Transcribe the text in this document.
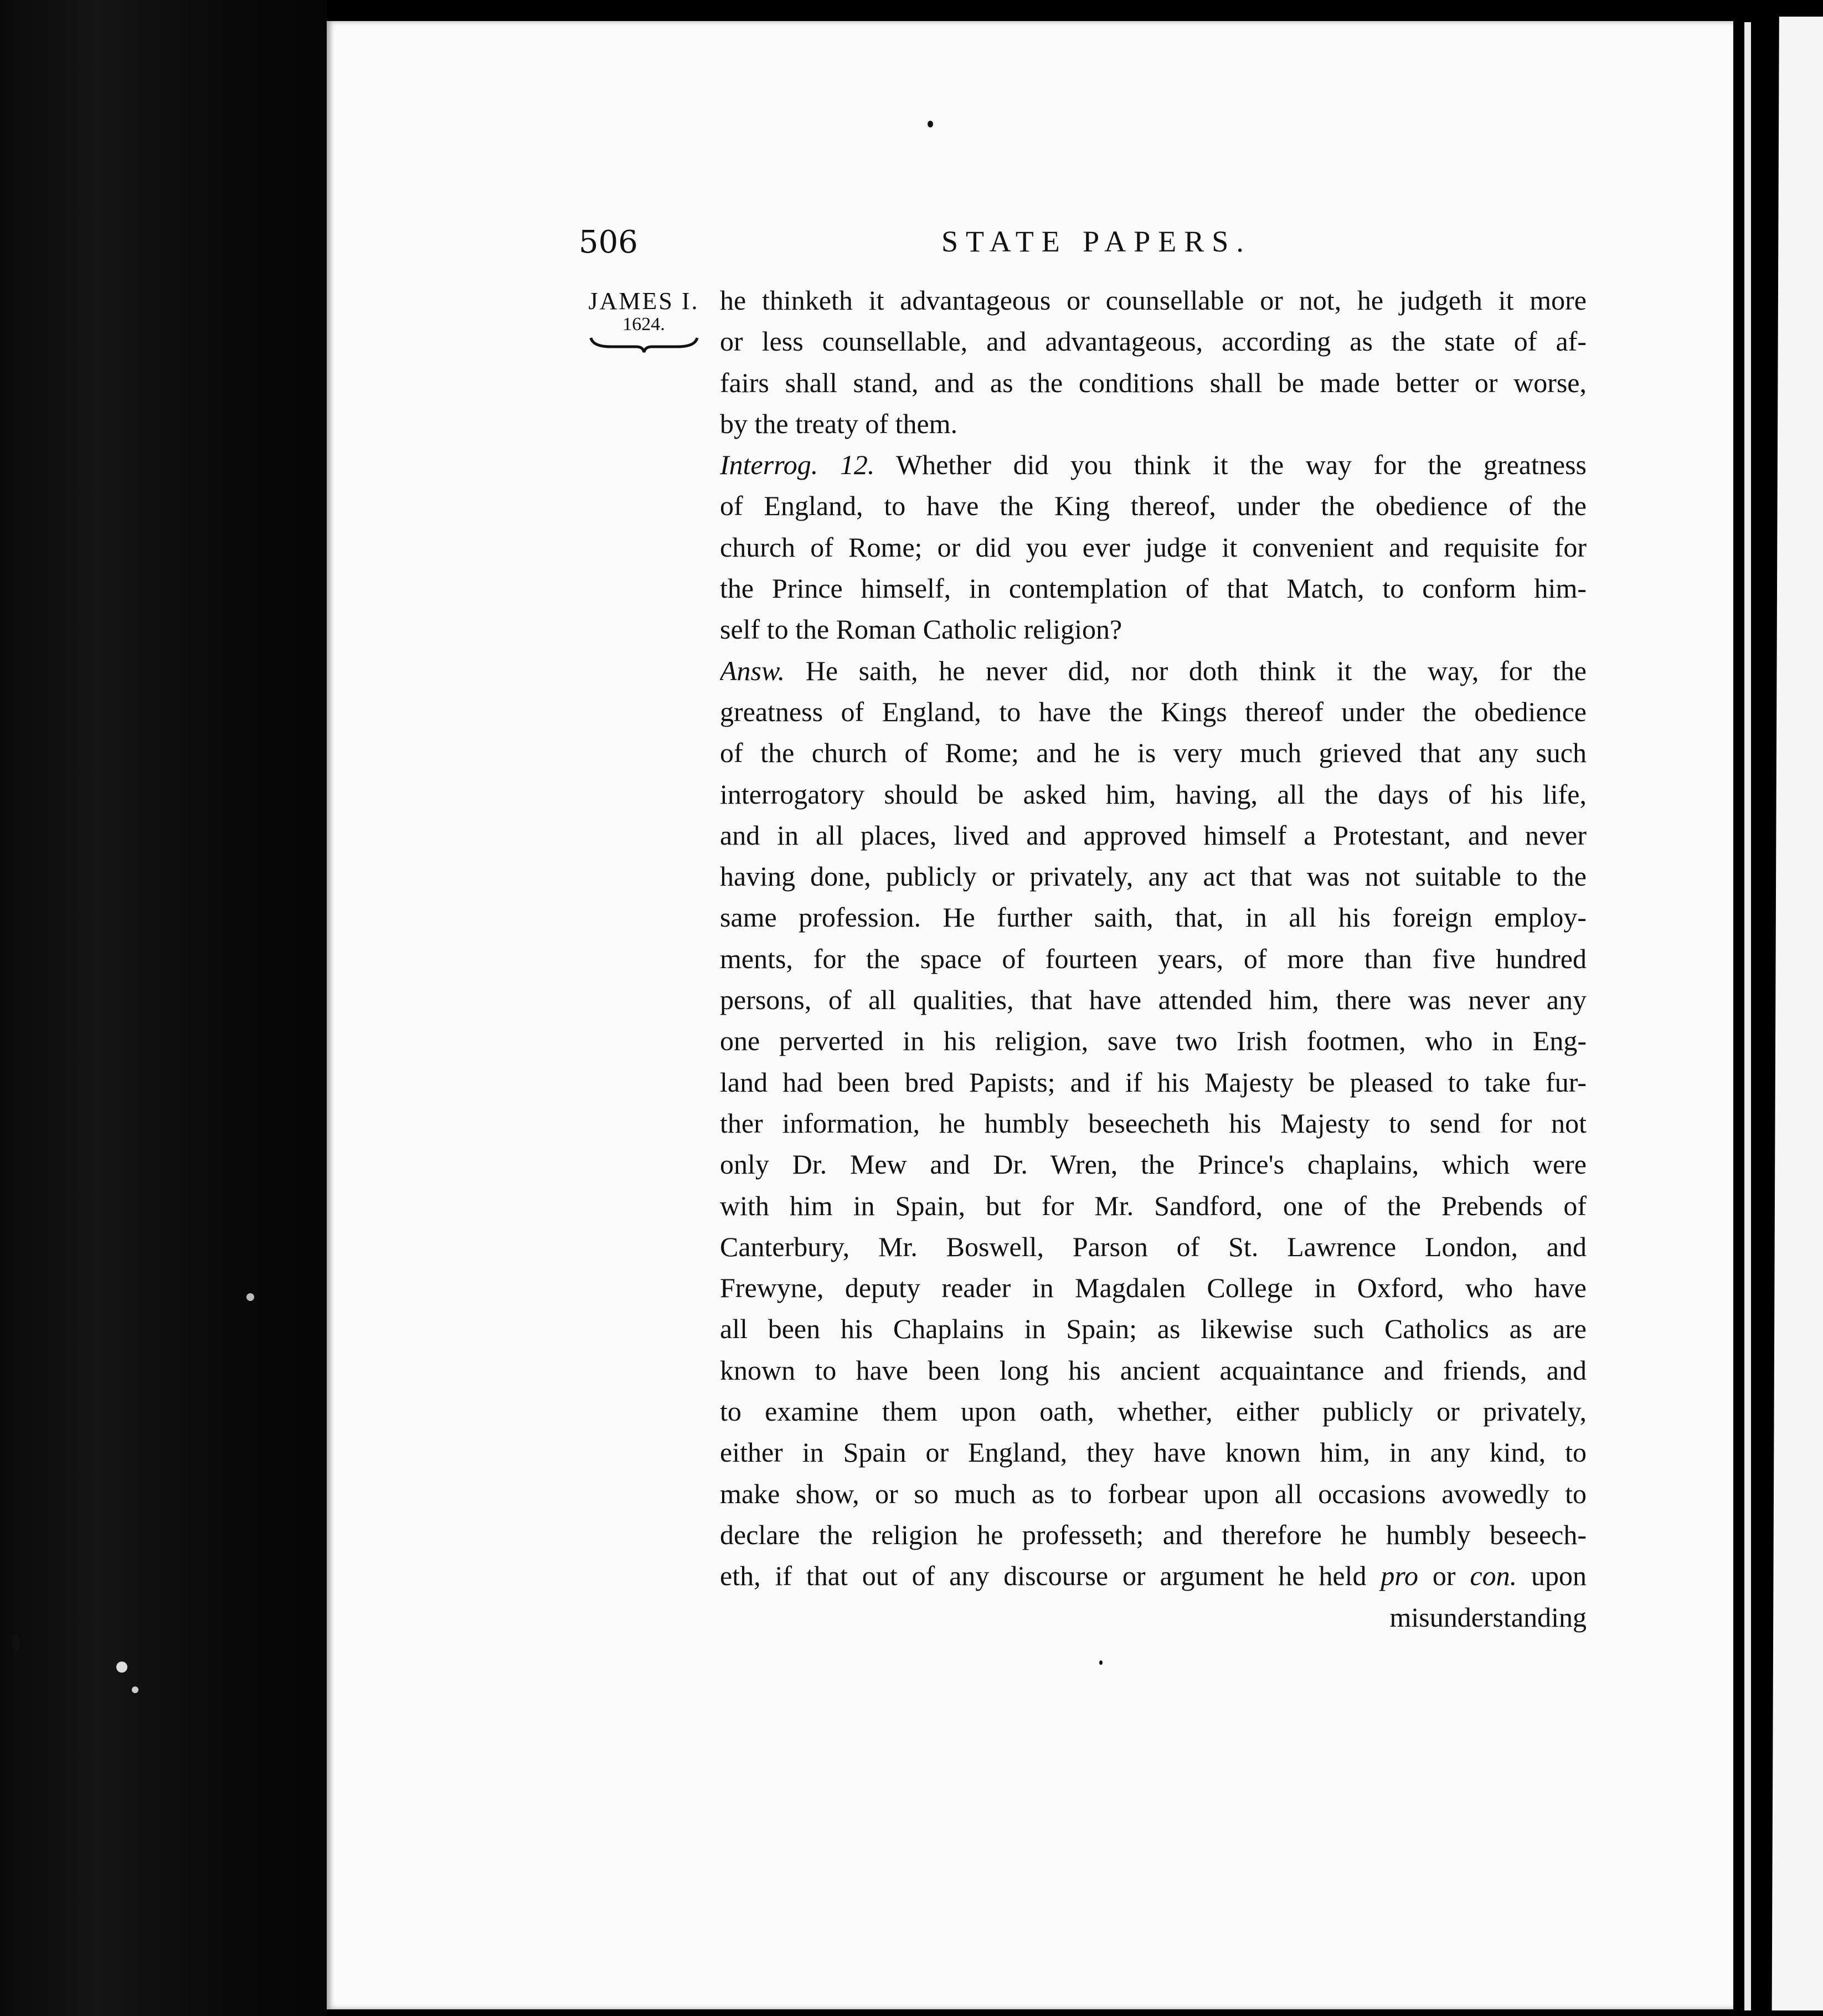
506	STATE PAPERS.
JAMES I.
1624.
he thinketh it advantageous or counsellable or not, he judgeth it more
or less counsellable, and advantageous, according as the state of af-
fairs shall stand, and as the conditions shall be made better or worse,
by the treaty of them.
Interrog. 12. Whether did you think it the way for the greatness
of England, to have the King thereof, under the obedience of the
church of Rome; or did you ever judge it convenient and requisite for
the Prince himself, in contemplation of that Match, to conform him-
self to the Roman Catholic religion?
Answ. He saith, he never did, nor doth think it the way, for the
greatness of England, to have the Kings thereof under the obedience
of the church of Rome; and he is very much grieved that any such
interrogatory should be asked him, having, all the days of his life,
and in all places, lived and approved himself a Protestant, and never
having done, publicly or privately, any act that was not suitable to the
same profession. He further saith, that, in all his foreign employ-
ments, for the space of fourteen years, of more than five hundred
persons, of all qualities, that have attended him, there was never any
one perverted in his religion, save two Irish footmen, who in Eng-
land had been bred Papists; and if his Majesty be pleased to take fur-
ther information, he humbly beseecheth his Majesty to send for not
only Dr. Mew and Dr. Wren, the Prince's chaplains, which were
with him in Spain, but for Mr. Sandford, one of the Prebends of
Canterbury, Mr. Boswell, Parson of St. Lawrence London, and
Frewyne, deputy reader in Magdalen College in Oxford, who have
all been his Chaplains in Spain; as likewise such Catholics as are
known to have been long his ancient acquaintance and friends, and
to examine them upon oath, whether, either publicly or privately,
either in Spain or England, they have known him, in any kind, to
make show, or so much as to forbear upon all occasions avowedly to
declare the religion he professeth; and therefore he humbly beseech-
eth, if that out of any discourse or argument he held pro or con. upon
misunderstanding
